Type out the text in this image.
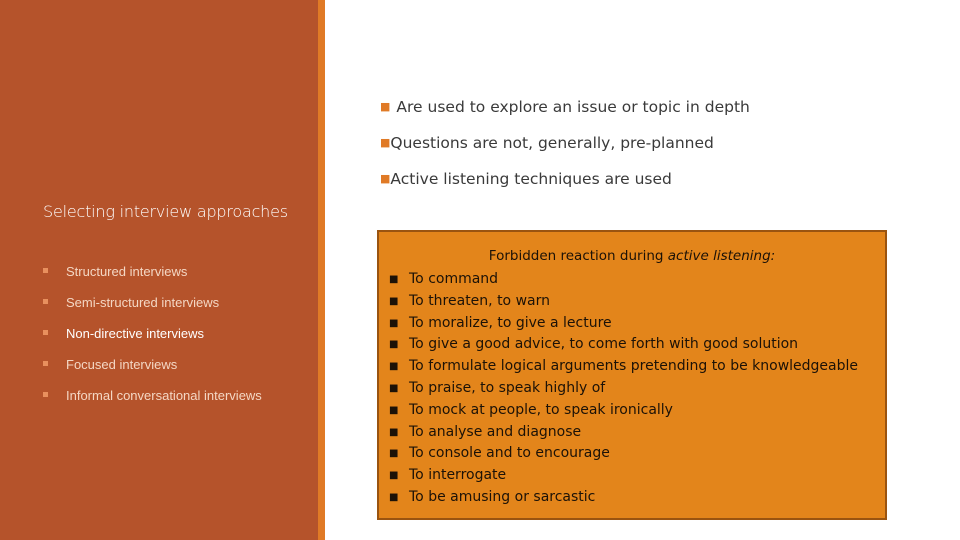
Selecting interview approaches
Structured interviews
Semi-structured interviews
Non-directive interviews
Focused interviews
Informal conversational interviews
■ Are used to explore an issue or topic in depth
■Questions are not, generally, pre-planned
■Active listening techniques are used
Forbidden reaction during active listening:
■ To command
■ To threaten, to warn
■ To moralize, to give a lecture
■ To give a good advice, to come forth with good solution
■ To formulate logical arguments pretending to be knowledgeable
■ To praise, to speak highly of
■ To mock at people, to speak ironically
■ To analyse and diagnose
■ To console and to encourage
■ To interrogate
■ To be amusing or sarcastic
